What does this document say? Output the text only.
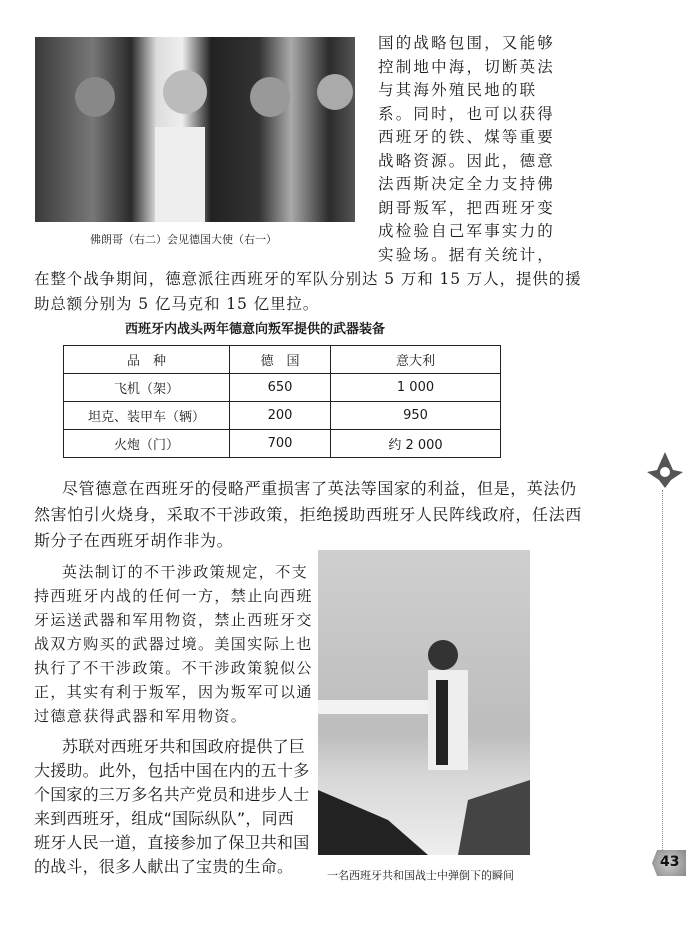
佛朗哥（右二）会见德国大使（右一）
国的战略包围，又能够
控制地中海，切断英法
与其海外殖民地的联
系。同时，也可以获得
西班牙的铁、煤等重要
战略资源。因此，德意
法西斯决定全力支持佛
朗哥叛军，把西班牙变
成检验自己军事实力的
实验场。据有关统计，
在整个战争期间，德意派往西班牙的军队分别达 5 万和 15 万人，提供的援
助总额分别为 5 亿马克和 15 亿里拉。
西班牙内战头两年德意向叛军提供的武器装备
品　种	德　国	意大利
飞机（架）	650	1 000
坦克、装甲车（辆）	200	950
火炮（门）	700	约 2 000
尽管德意在西班牙的侵略严重损害了英法等国家的利益，但是，英法仍
然害怕引火烧身，采取不干涉政策，拒绝援助西班牙人民阵线政府，任法西
斯分子在西班牙胡作非为。
英法制订的不干涉政策规定，不支
持西班牙内战的任何一方，禁止向西班
牙运送武器和军用物资，禁止西班牙交
战双方购买的武器过境。美国实际上也
执行了不干涉政策。不干涉政策貌似公
正，其实有利于叛军，因为叛军可以通
过德意获得武器和军用物资。
苏联对西班牙共和国政府提供了巨
大援助。此外，包括中国在内的五十多
个国家的三万多名共产党员和进步人士
来到西班牙，组成“国际纵队”，同西
班牙人民一道，直接参加了保卫共和国
的战斗，很多人献出了宝贵的生命。	一名西班牙共和国战士中弹倒下的瞬间
43
